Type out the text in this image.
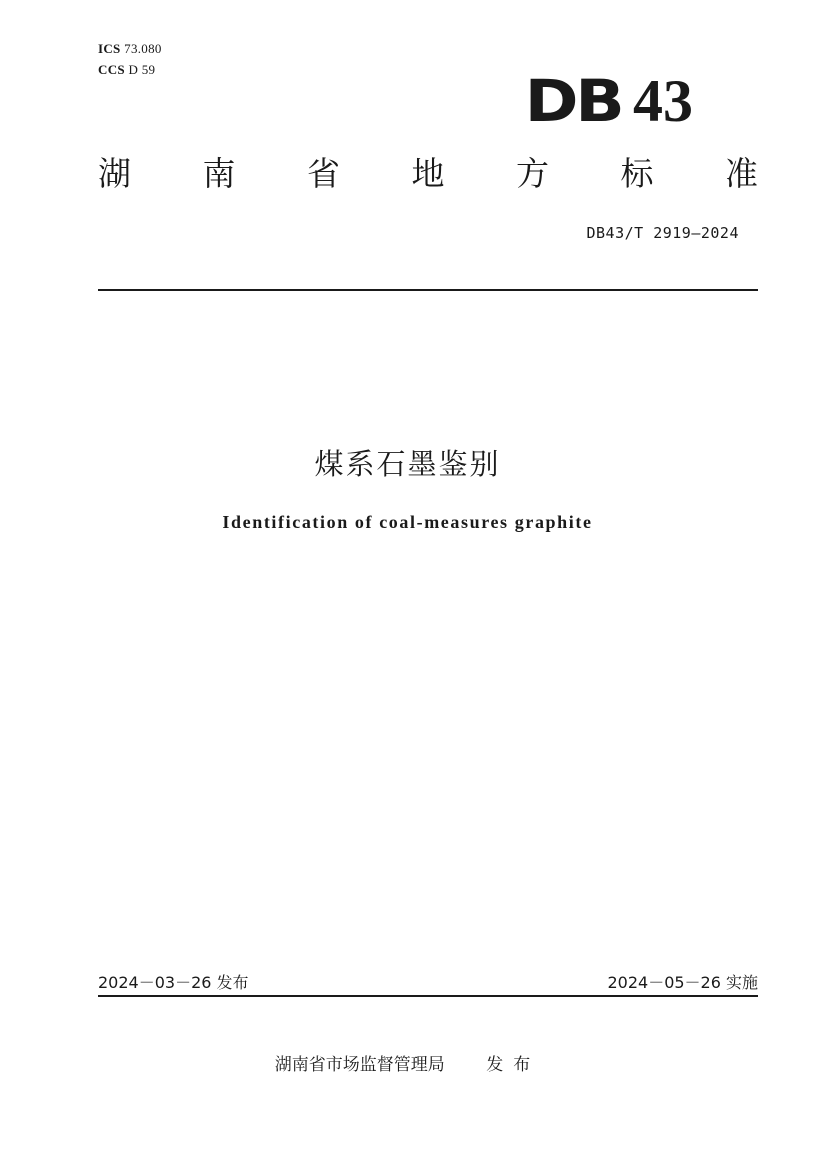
ICS 73.080
CCS D 59	DB 43
湖 南 省 地 方 标 准
DB43/T 2919—2024
煤系石墨鉴别
Identification of coal-measures graphite
2024－03－26 发布	2024－05－26 实施
湖南省市场监督管理局 发布
